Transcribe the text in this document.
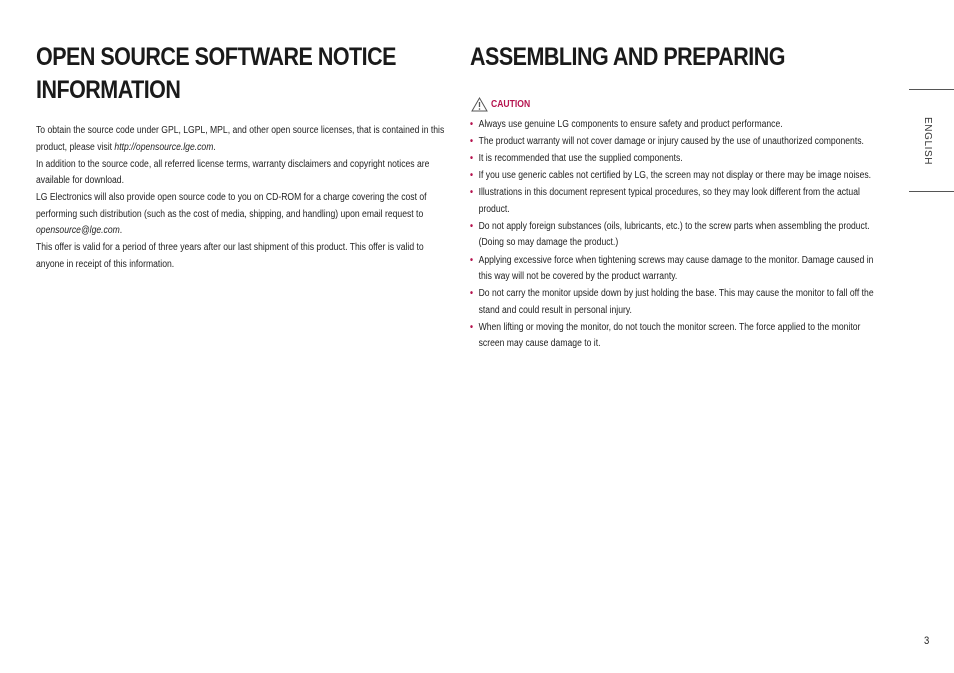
OPEN SOURCE SOFTWARE NOTICE
INFORMATION

To obtain the source code under GPL, LGPL, MPL, and other open source licenses, that is contained in this product, please visit http://opensource.lge.com.

In addition to the source code, all referred license terms, warranty disclaimers and copyright notices are available for download.

LG Electronics will also provide open source code to you on CD-ROM for a charge covering the cost of performing such distribution (such as the cost of media, shipping, and handling) upon email request to opensource@lge.com.

This offer is valid for a period of three years after our last shipment of this product. This offer is valid to anyone in receipt of this information.

ASSEMBLING AND PREPARING
CAUTION
• Always use genuine LG components to ensure safety and product performance.
• The product warranty will not cover damage or injury caused by the use of unauthorized components.
• It is recommended that use the supplied components.
• If you use generic cables not certified by LG, the screen may not display or there may be image noises.
• Illustrations in this document represent typical procedures, so they may look different from the actual product.
• Do not apply foreign substances (oils, lubricants, etc.) to the screw parts when assembling the product. (Doing so may damage the product.)
• Applying excessive force when tightening screws may cause damage to the monitor. Damage caused in this way will not be covered by the product warranty.
• Do not carry the monitor upside down by just holding the base. This may cause the monitor to fall off the stand and could result in personal injury.
• When lifting or moving the monitor, do not touch the monitor screen. The force applied to the monitor screen may cause damage to it.
ENGLISH
3
